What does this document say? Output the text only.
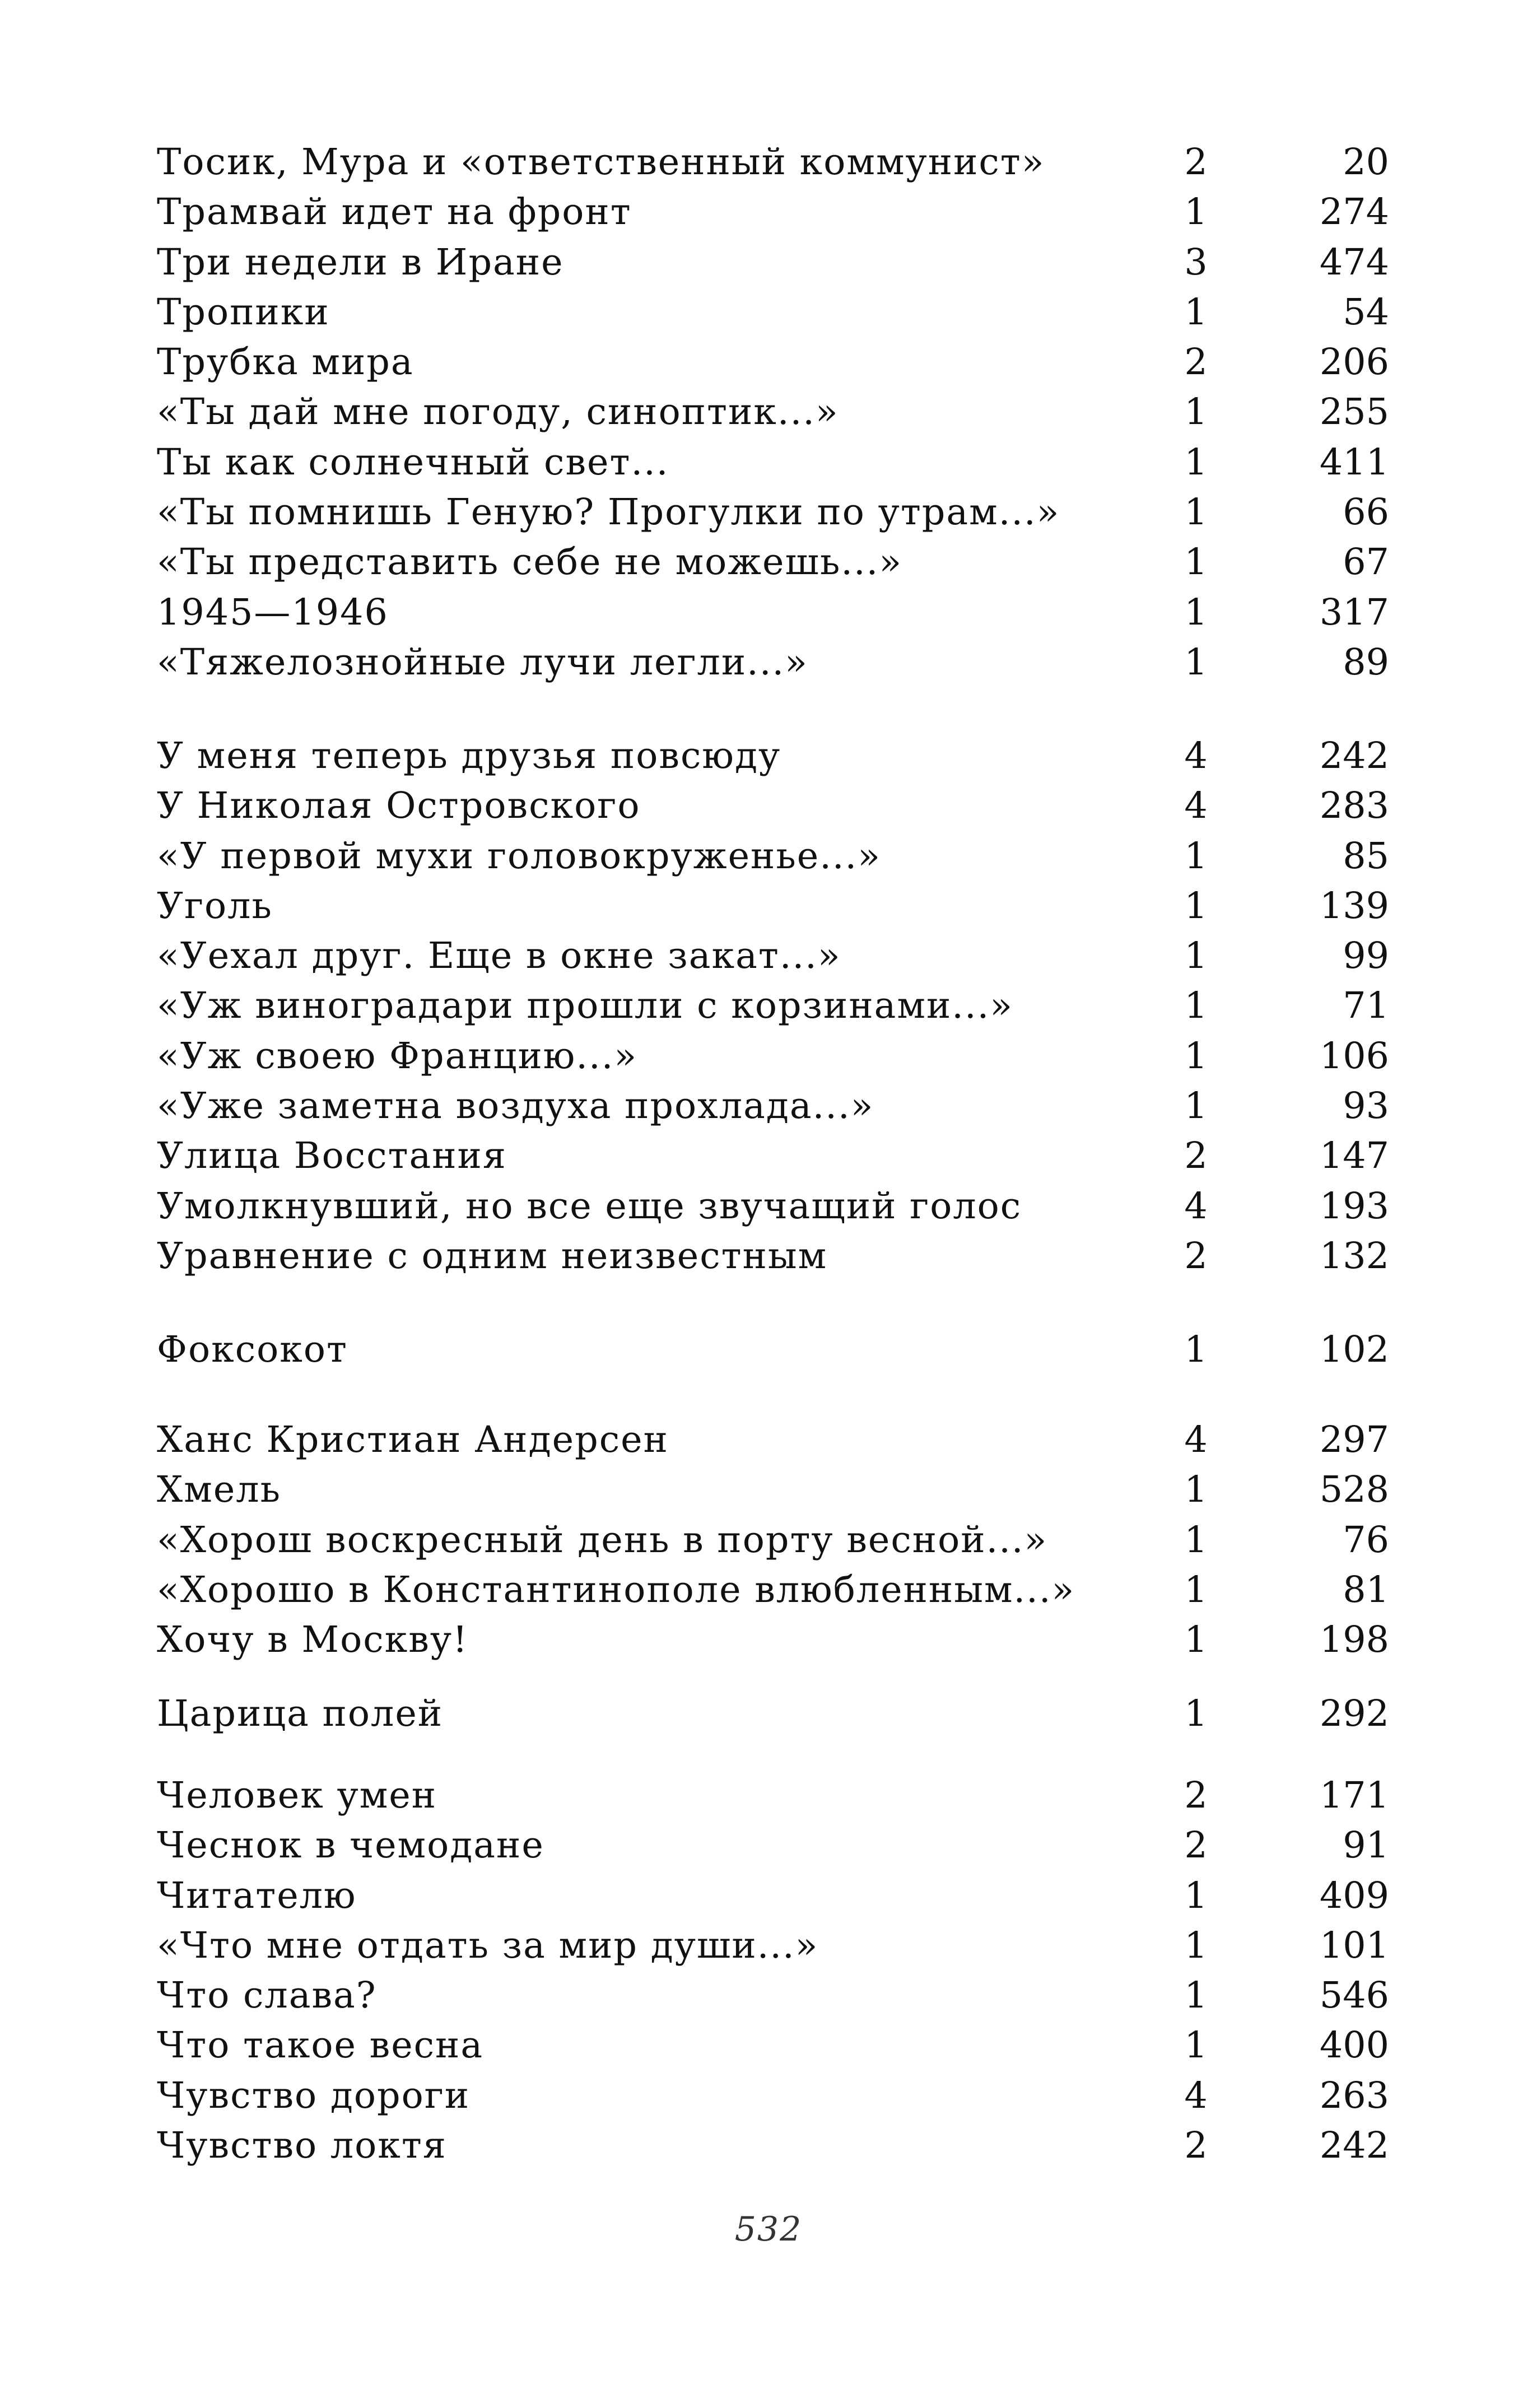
Тосик, Мура и «ответственный коммунист»	2	20
Трамвай идет на фронт	1	274
Три недели в Иране	3	474
Тропики	1	54
Трубка мира	2	206
«Ты дай мне погоду, синоптик...»	1	255
Ты как солнечный свет...	1	411
«Ты помнишь Геную? Прогулки по утрам...»	1	66
«Ты представить себе не можешь...»	1	67
1945—1946	1	317
«Тяжелознойные лучи легли...»	1	89
У меня теперь друзья повсюду	4	242
У Николая Островского	4	283
«У первой мухи головокруженье...»	1	85
Уголь	1	139
«Уехал друг. Еще в окне закат...»	1	99
«Уж виноградари прошли с корзинами...»	1	71
«Уж своею Францию...»	1	106
«Уже заметна воздуха прохлада...»	1	93
Улица Восстания	2	147
Умолкнувший, но все еще звучащий голос	4	193
Уравнение с одним неизвестным	2	132
Фоксокот	1	102
Ханс Кристиан Андерсен	4	297
Хмель	1	528
«Хорош воскресный день в порту весной...»	1	76
«Хорошо в Константинополе влюбленным...»	1	81
Хочу в Москву!	1	198
Царица полей	1	292
Человек умен	2	171
Чеснок в чемодане	2	91
Читателю	1	409
«Что мне отдать за мир души...»	1	101
Что слава?	1	546
Что такое весна	1	400
Чувство дороги	4	263
Чувство локтя	2	242
532
